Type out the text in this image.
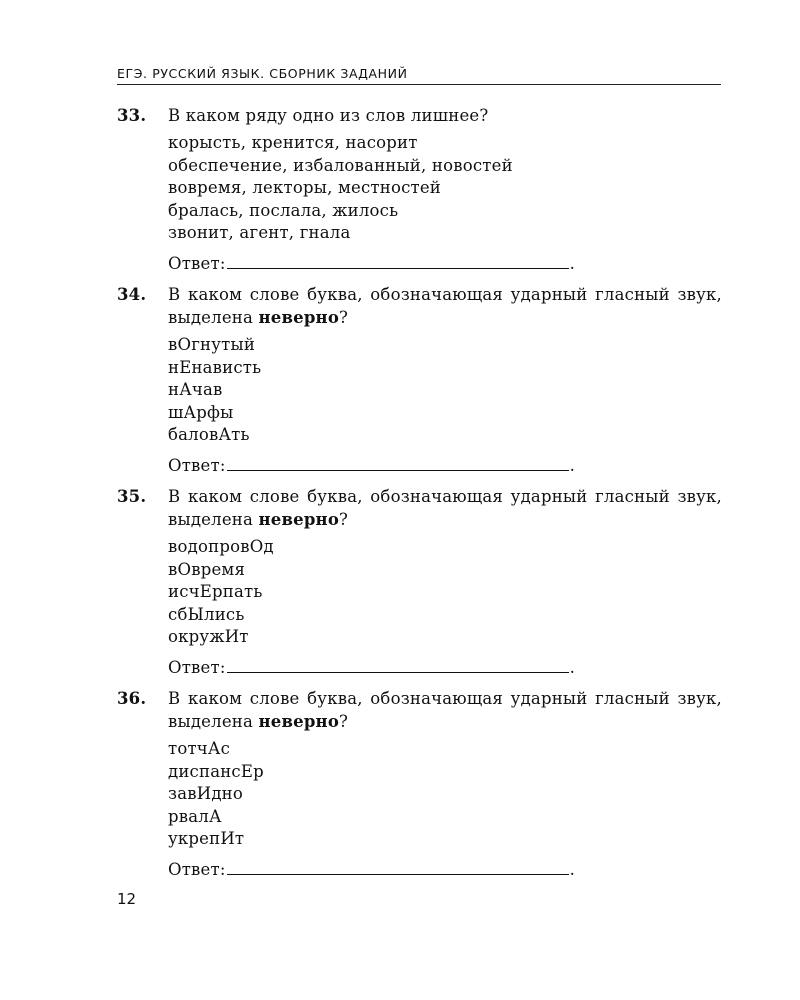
ЕГЭ. РУССКИЙ ЯЗЫК. СБОРНИК ЗАДАНИЙ
33.	В каком ряду одно из слов лишнее?
корысть, кренится, насорит
обеспечение, избалованный, новостей
вовремя, лекторы, местностей
бралась, послала, жилось
звонит, агент, гнала
Ответ:	.
34.	В каком слове буква, обозначающая ударный гласный звук, выделена неверно?
вОгнутый
нЕнависть
нАчав
шАрфы
баловАть
Ответ:	.
35.	В каком слове буква, обозначающая ударный гласный звук, выделена неверно?
водопровОд
вОвремя
исчЕрпать
сбЫлись
окружИт
Ответ:	.
36.	В каком слове буква, обозначающая ударный гласный звук, выделена неверно?
тотчАс
диспансЕр
завИдно
рвалА
укрепИт
Ответ:	.
12
